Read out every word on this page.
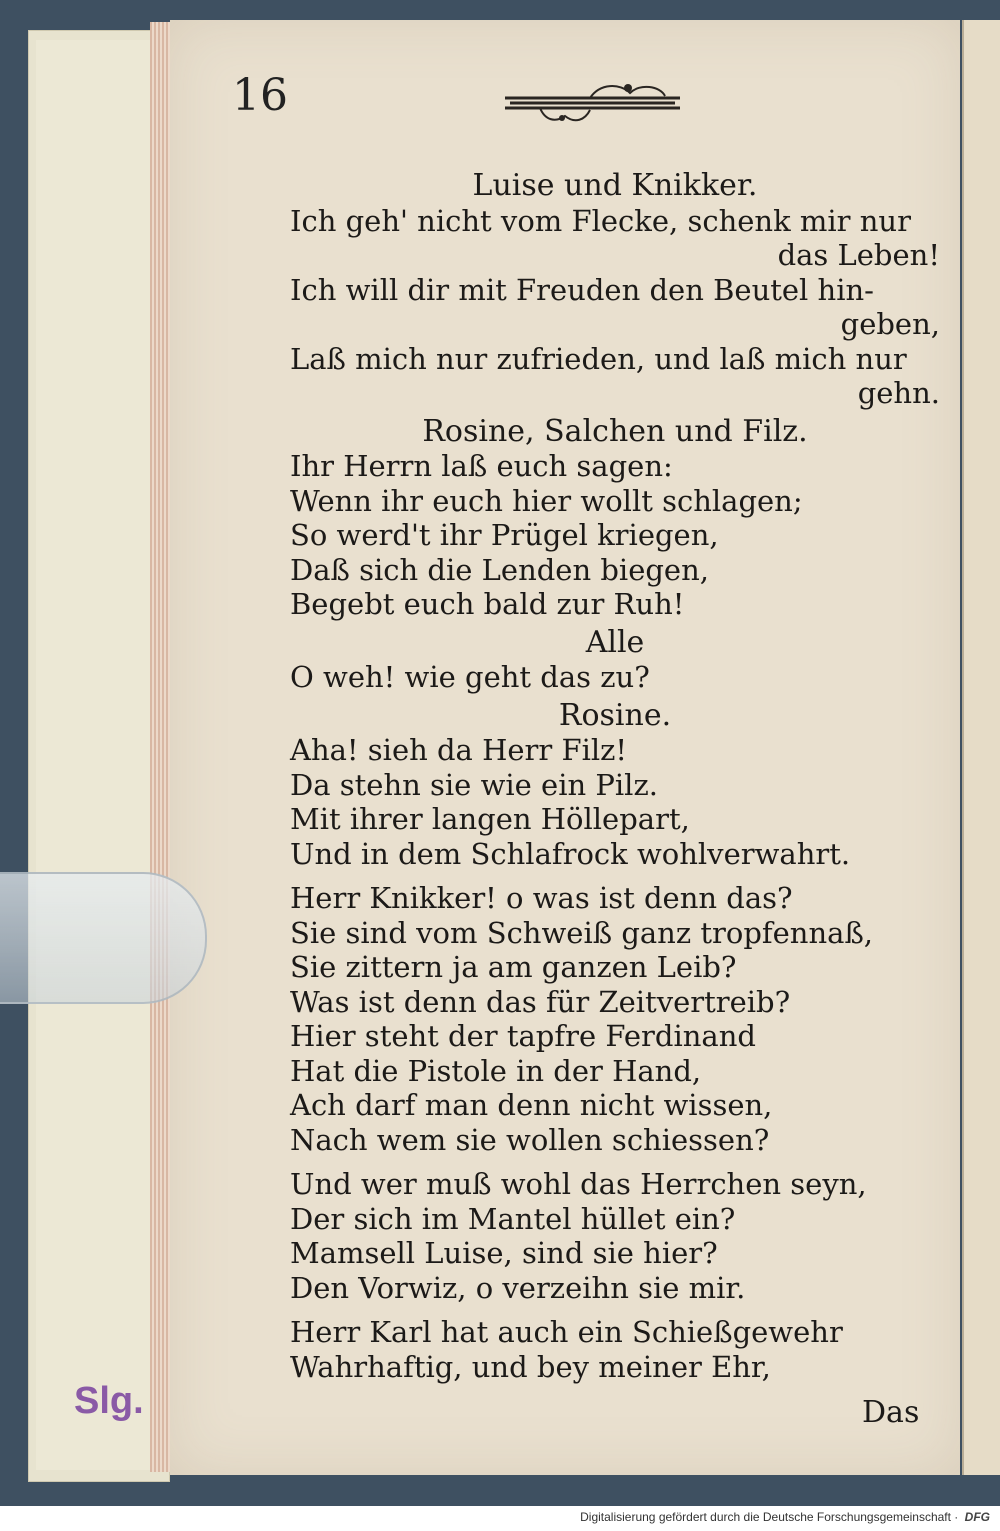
16
Luise und Knikker.
Ich geh' nicht vom Flecke, schenk mir nur
das Leben!
Ich will dir mit Freuden den Beutel hin-
geben,
Laß mich nur zufrieden, und laß mich nur
gehn.
Rosine, Salchen und Filz.
Ihr Herrn laß euch sagen:
Wenn ihr euch hier wollt schlagen;
So werd't ihr Prügel kriegen,
Daß sich die Lenden biegen,
Begebt euch bald zur Ruh!
Alle
O weh! wie geht das zu?
Rosine.
Aha! sieh da Herr Filz!
Da stehn sie wie ein Pilz.
Mit ihrer langen Höllepart,
Und in dem Schlafrock wohlverwahrt.
Herr Knikker! o was ist denn das?
Sie sind vom Schweiß ganz tropfennaß,
Sie zittern ja am ganzen Leib?
Was ist denn das für Zeitvertreib?
Hier steht der tapfre Ferdinand
Hat die Pistole in der Hand,
Ach darf man denn nicht wissen,
Nach wem sie wollen schiessen?
Und wer muß wohl das Herrchen seyn,
Der sich im Mantel hüllet ein?
Mamsell Luise, sind sie hier?
Den Vorwiz, o verzeihn sie mir.
Herr Karl hat auch ein Schießgewehr
Wahrhaftig, und bey meiner Ehr,
Das
Slg.
Digitalisierung gefördert durch die Deutsche Forschungsgemeinschaft · DFG
